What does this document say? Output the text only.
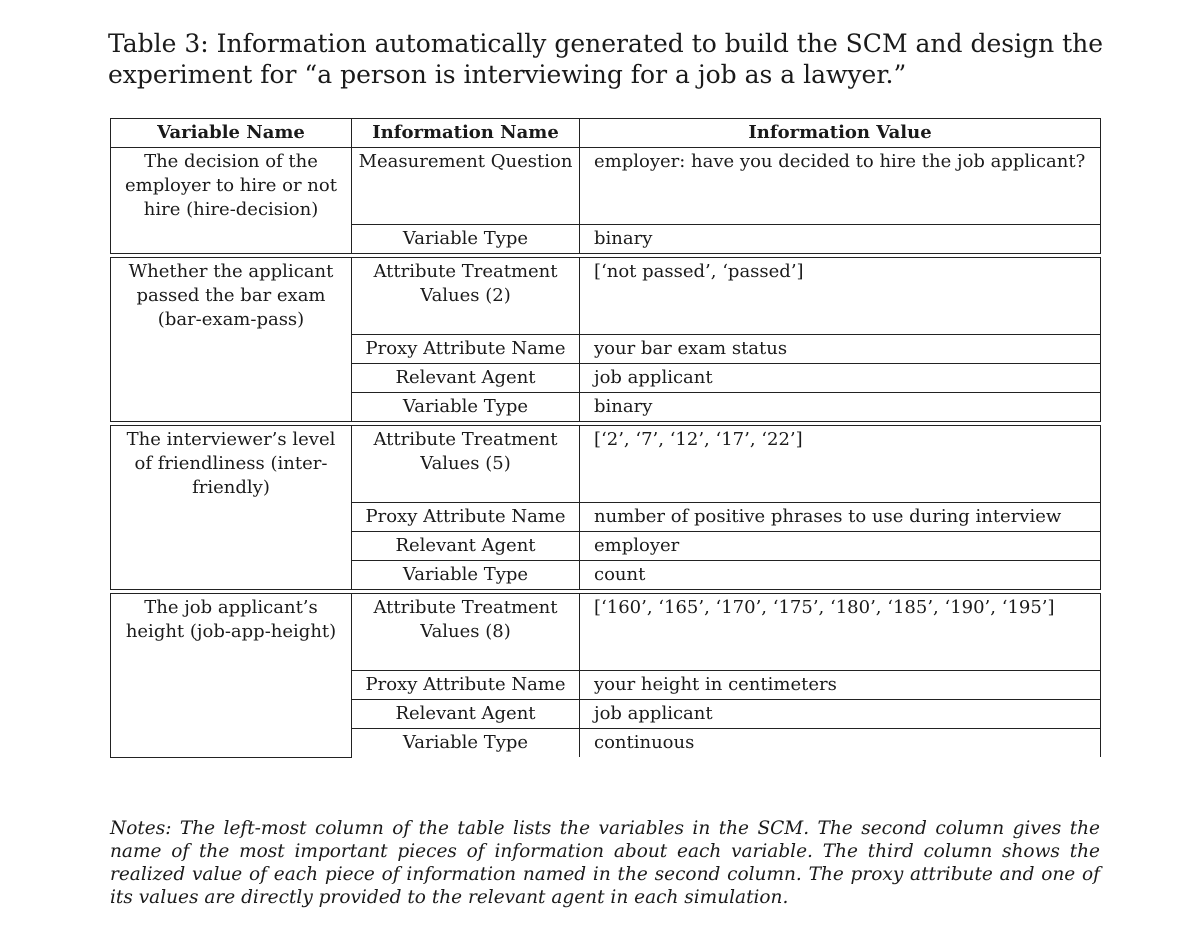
Table 3: Information automatically generated to build the SCM and design the experiment for “a person is interviewing for a job as a lawyer.”
Variable Name	Information Name	Information Value
The decision of the employer to hire or not hire (hire-decision)	Measurement Question	employer: have you decided to hire the job applicant?
	Variable Type	binary

Whether the applicant passed the bar exam (bar-exam-pass)	Attribute Treatment Values (2)	[‘not passed’, ‘passed’]
	Proxy Attribute Name	your bar exam status
	Relevant Agent	job applicant
	Variable Type	binary

The interviewer’s level of friendliness (inter-friendly)	Attribute Treatment Values (5)	[‘2’, ‘7’, ‘12’, ‘17’, ‘22’]
	Proxy Attribute Name	number of positive phrases to use during interview
	Relevant Agent	employer
	Variable Type	count

The job applicant’s height (job-app-height)	Attribute Treatment Values (8)	[‘160’, ‘165’, ‘170’, ‘175’, ‘180’, ‘185’, ‘190’, ‘195’]
	Proxy Attribute Name	your height in centimeters
	Relevant Agent	job applicant
	Variable Type	continuous

Notes: The left-most column of the table lists the variables in the SCM. The second column gives the name of the most important pieces of information about each variable. The third column shows the realized value of each piece of information named in the second column. The proxy attribute and one of its values are directly provided to the relevant agent in each simulation.
